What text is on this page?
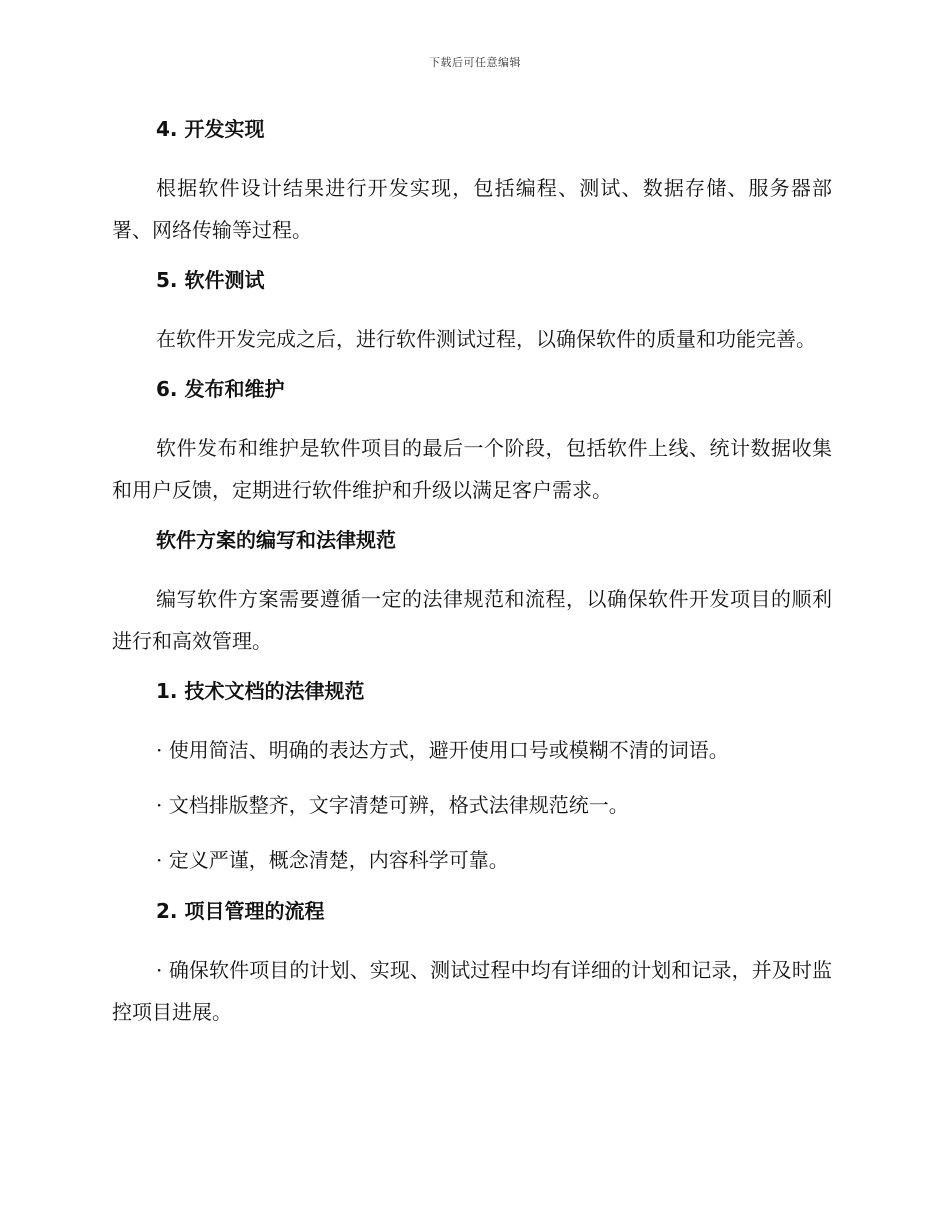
下载后可任意编辑
4. 开发实现

根据软件设计结果进行开发实现，包括编程、测试、数据存储、服务器部署、网络传输等过程。

5. 软件测试

在软件开发完成之后，进行软件测试过程，以确保软件的质量和功能完善。

6. 发布和维护

软件发布和维护是软件项目的最后一个阶段，包括软件上线、统计数据收集和用户反馈，定期进行软件维护和升级以满足客户需求。

软件方案的编写和法律规范

编写软件方案需要遵循一定的法律规范和流程，以确保软件开发项目的顺利进行和高效管理。

1. 技术文档的法律规范
· 使用简洁、明确的表达方式，避开使用口号或模糊不清的词语。
· 文档排版整齐，文字清楚可辨，格式法律规范统一。
· 定义严谨，概念清楚，内容科学可靠。
2. 项目管理的流程

· 确保软件项目的计划、实现、测试过程中均有详细的计划和记录，并及时监控项目进展。
